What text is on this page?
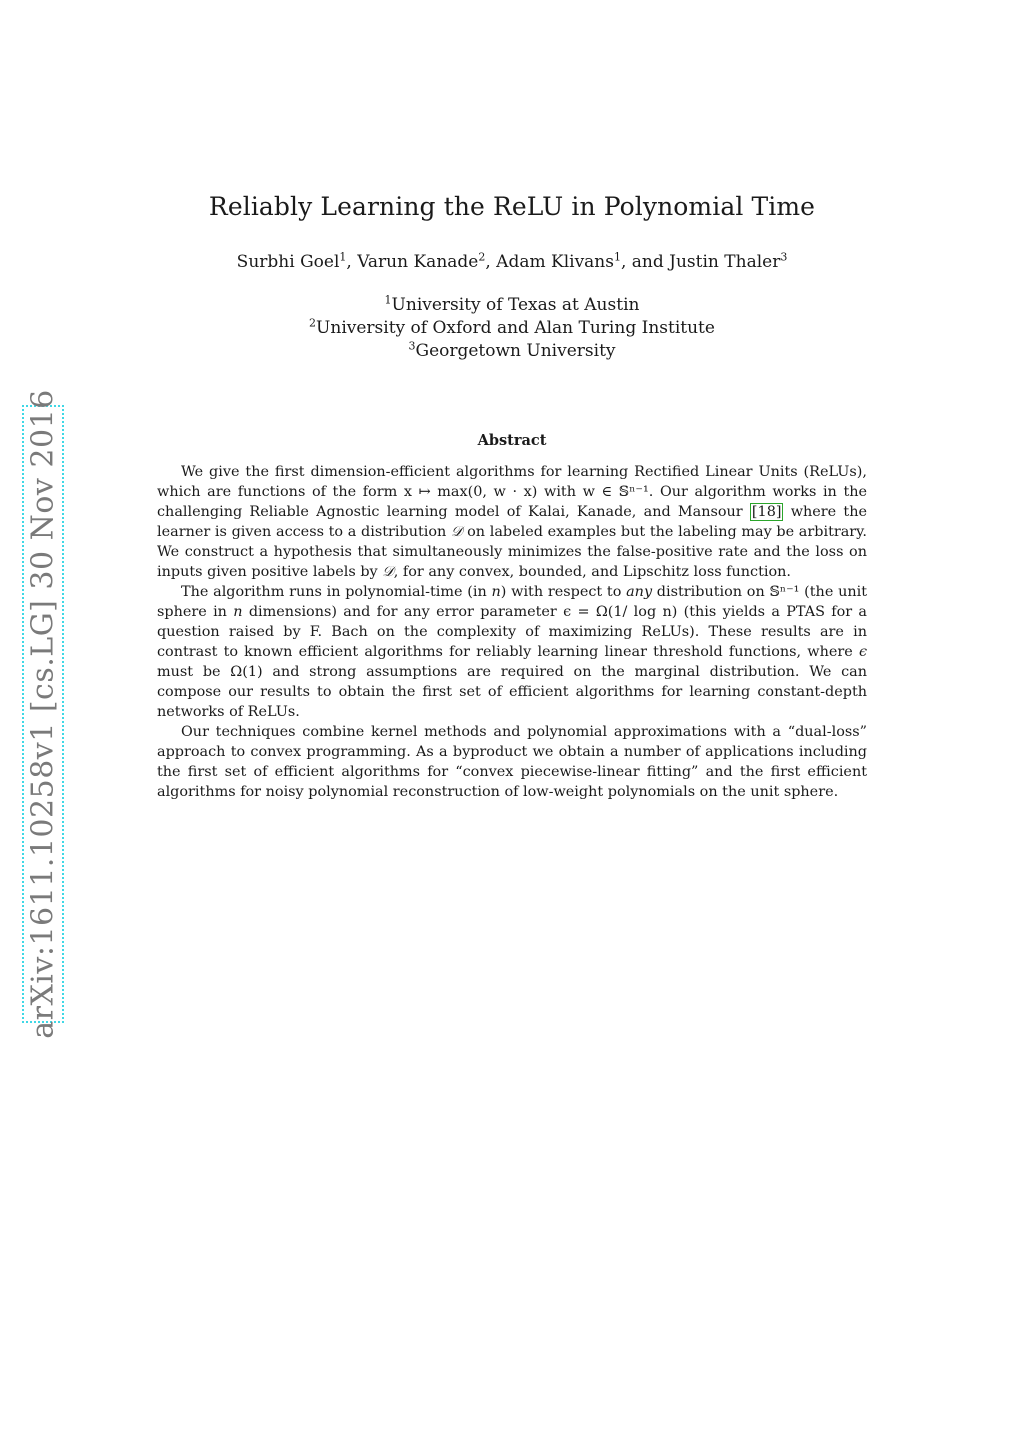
arXiv:1611.10258v1 [cs.LG] 30 Nov 2016
Reliably Learning the ReLU in Polynomial Time

Surbhi Goel$^1$, Varun Kanade$^2$, Adam Klivans$^1$, and Justin Thaler$^3$

$^1$University of Texas at Austin
$^2$University of Oxford and Alan Turing Institute
$^3$Georgetown University
Abstract

We give the first dimension-efficient algorithms for learning Rectified Linear Units (ReLUs), which are functions of the form x ↦ max(0, w · x) with w ∈ 𝕊ⁿ⁻¹. Our algorithm works in the challenging Reliable Agnostic learning model of Kalai, Kanade, and Mansour [18] where the learner is given access to a distribution 𝒟 on labeled examples but the labeling may be arbitrary. We construct a hypothesis that simultaneously minimizes the false-positive rate and the loss on inputs given positive labels by 𝒟, for any convex, bounded, and Lipschitz loss function.

The algorithm runs in polynomial-time (in n) with respect to any distribution on 𝕊ⁿ⁻¹ (the unit sphere in n dimensions) and for any error parameter ϵ = Ω(1/ log n) (this yields a PTAS for a question raised by F. Bach on the complexity of maximizing ReLUs). These results are in contrast to known efficient algorithms for reliably learning linear threshold functions, where ϵ must be Ω(1) and strong assumptions are required on the marginal distribution. We can compose our results to obtain the first set of efficient algorithms for learning constant-depth networks of ReLUs.

Our techniques combine kernel methods and polynomial approximations with a “dual-loss” approach to convex programming. As a byproduct we obtain a number of applications including the first set of efficient algorithms for “convex piecewise-linear fitting” and the first efficient algorithms for noisy polynomial reconstruction of low-weight polynomials on the unit sphere.
